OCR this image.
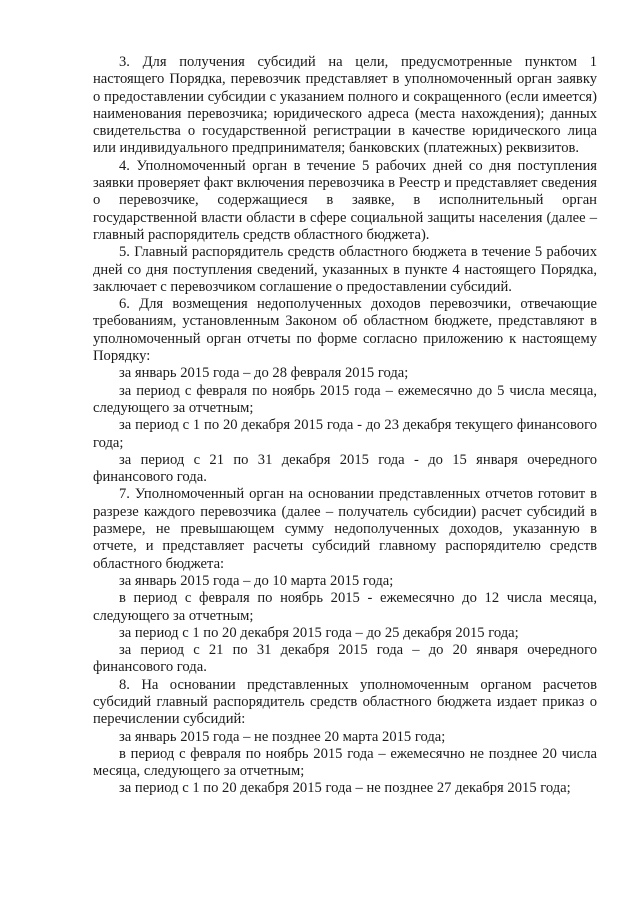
3. Для получения субсидий на цели, предусмотренные пунктом 1 настоящего Порядка, перевозчик представляет в уполномоченный орган заявку о предоставлении субсидии с указанием полного и сокращенного (если имеется) наименования перевозчика; юридического адреса (места нахождения); данных свидетельства о государственной регистрации в качестве юридического лица или индивидуального предпринимателя; банковских (платежных) реквизитов.

4. Уполномоченный орган в течение 5 рабочих дней со дня поступления заявки проверяет факт включения перевозчика в Реестр и представляет сведения о перевозчике, содержащиеся в заявке, в исполнительный орган государственной власти области в сфере социальной защиты населения (далее – главный распорядитель средств областного бюджета).

5. Главный распорядитель средств областного бюджета в течение 5 рабочих дней со дня поступления сведений, указанных в пункте 4 настоящего Порядка, заключает с перевозчиком соглашение о предоставлении субсидий.

6. Для возмещения недополученных доходов перевозчики, отвечающие требованиям, установленным Законом об областном бюджете, представляют в уполномоченный орган отчеты по форме согласно приложению к настоящему Порядку:

за январь 2015 года – до 28 февраля 2015 года;

за период с февраля по ноябрь 2015 года – ежемесячно до 5 числа месяца, следующего за отчетным;

за период с 1 по 20 декабря 2015 года - до 23 декабря текущего финансового года;

за период с 21 по 31 декабря 2015 года - до 15 января очередного финансового года.

7. Уполномоченный орган на основании представленных отчетов готовит в разрезе каждого перевозчика (далее – получатель субсидии) расчет субсидий в размере, не превышающем сумму недополученных доходов, указанную в отчете, и представляет расчеты субсидий главному распорядителю средств областного бюджета:

за январь 2015 года – до 10 марта 2015 года;

в период с февраля по ноябрь 2015 - ежемесячно до 12 числа месяца, следующего за отчетным;

за период с 1 по 20 декабря 2015 года – до 25 декабря 2015 года;

за период с 21 по 31 декабря 2015 года – до 20 января очередного финансового года.

8. На основании представленных уполномоченным органом расчетов субсидий главный распорядитель средств областного бюджета издает приказ о перечислении субсидий:

за январь 2015 года – не позднее 20 марта 2015 года;

в период с февраля по ноябрь 2015 года – ежемесячно не позднее 20 числа месяца, следующего за отчетным;

за период с 1 по 20 декабря 2015 года – не позднее 27 декабря 2015 года;
